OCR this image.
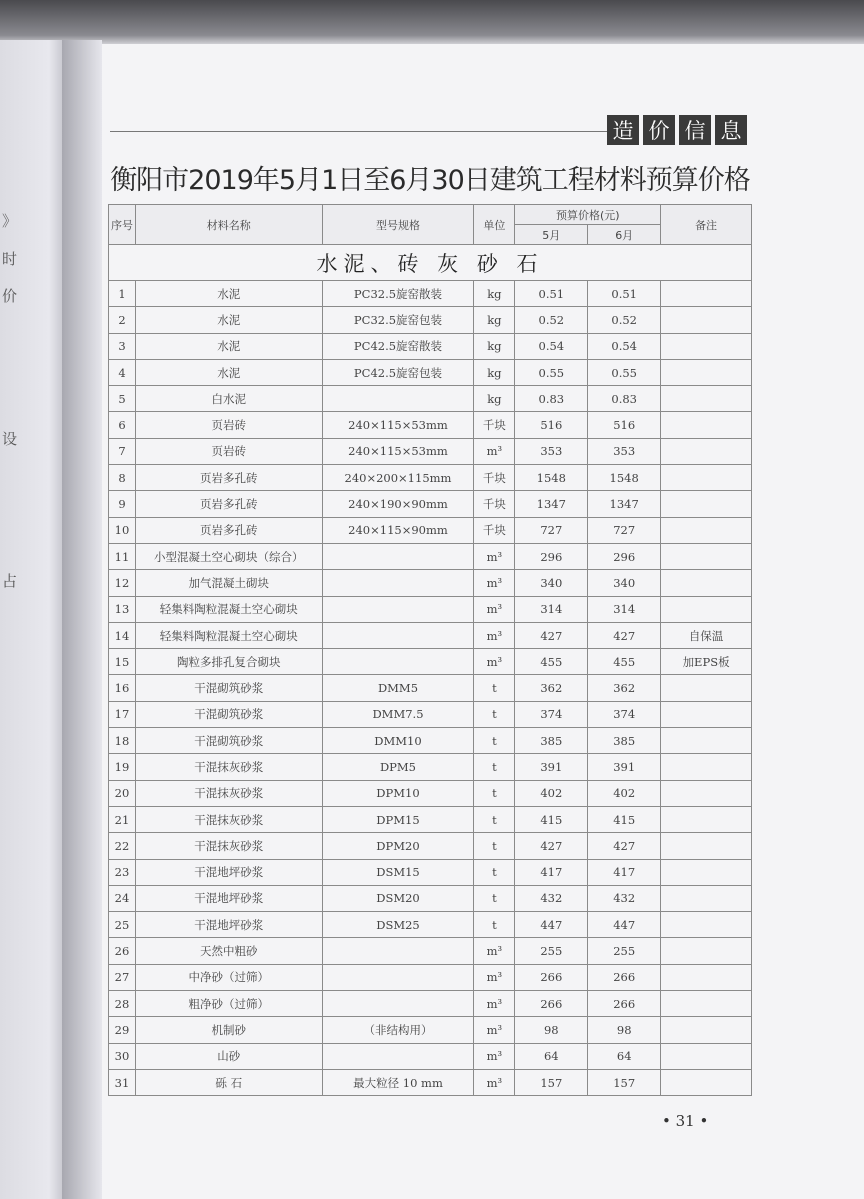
》
时
价
设
占
造 价 信 息
衡阳市2019年5月1日至6月30日建筑工程材料预算价格
序号	材料名称	型号规格	单位	预算价格(元)		备注
				5月	6月	
水泥、砖 灰 砂 石						
1	水泥	PC32.5旋窑散装	kg	0.51	0.51	
2	水泥	PC32.5旋窑包装	kg	0.52	0.52	
3	水泥	PC42.5旋窑散装	kg	0.54	0.54	
4	水泥	PC42.5旋窑包装	kg	0.55	0.55	
5	白水泥		kg	0.83	0.83	
6	页岩砖	240×115×53mm	千块	516	516	
7	页岩砖	240×115×53mm	m³	353	353	
8	页岩多孔砖	240×200×115mm	千块	1548	1548	
9	页岩多孔砖	240×190×90mm	千块	1347	1347	
10	页岩多孔砖	240×115×90mm	千块	727	727	
11	小型混凝土空心砌块（综合）		m³	296	296	
12	加气混凝土砌块		m³	340	340	
13	轻集料陶粒混凝土空心砌块		m³	314	314	
14	轻集料陶粒混凝土空心砌块		m³	427	427	自保温
15	陶粒多排孔复合砌块		m³	455	455	加EPS板
16	干混砌筑砂浆	DMM5	t	362	362	
17	干混砌筑砂浆	DMM7.5	t	374	374	
18	干混砌筑砂浆	DMM10	t	385	385	
19	干混抹灰砂浆	DPM5	t	391	391	
20	干混抹灰砂浆	DPM10	t	402	402	
21	干混抹灰砂浆	DPM15	t	415	415	
22	干混抹灰砂浆	DPM20	t	427	427	
23	干混地坪砂浆	DSM15	t	417	417	
24	干混地坪砂浆	DSM20	t	432	432	
25	干混地坪砂浆	DSM25	t	447	447	
26	天然中粗砂		m³	255	255	
27	中净砂（过筛）		m³	266	266	
28	粗净砂（过筛）		m³	266	266	
29	机制砂	（非结构用）	m³	98	98	
30	山砂		m³	64	64	
31	砾 石	最大粒径 10 mm	m³	157	157	
• 31 •
